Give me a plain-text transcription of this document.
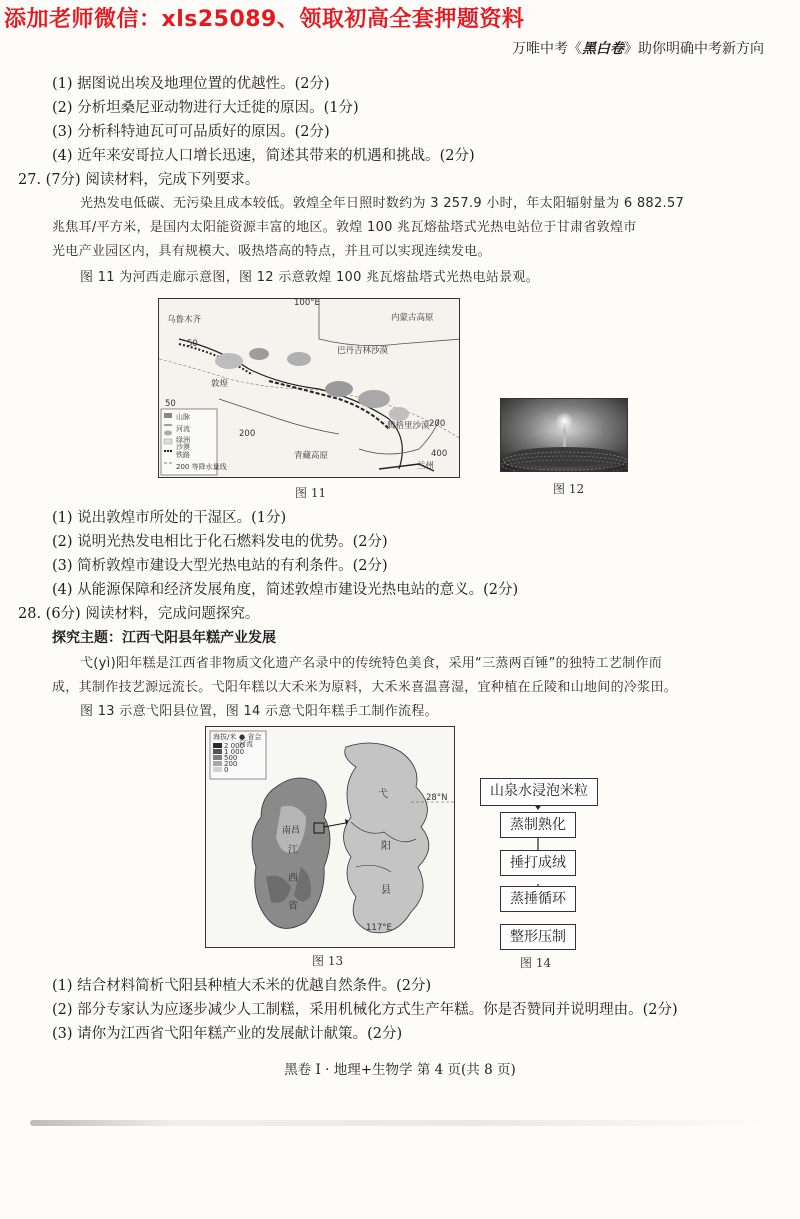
添加老师微信：xls25089、领取初高全套押题资料
万唯中考《黑白卷》助你明确中考新方向
(1) 据图说出埃及地理位置的优越性。(2分)
(2) 分析坦桑尼亚动物进行大迁徙的原因。(1分)
(3) 分析科特迪瓦可可品质好的原因。(2分)
(4) 近年来安哥拉人口增长迅速，简述其带来的机遇和挑战。(2分)
27. (7分) 阅读材料，完成下列要求。
光热发电低碳、无污染且成本较低。敦煌全年日照时数约为 3 257.9 小时，年太阳辐射量为 6 882.57
兆焦耳/平方米，是国内太阳能资源丰富的地区。敦煌 100 兆瓦熔盐塔式光热电站位于甘肃省敦煌市
光电产业园区内，具有规模大、吸热塔高的特点，并且可以实现连续发电。
图 11 为河西走廊示意图，图 12 示意敦煌 100 兆瓦熔盐塔式光热电站景观。
100°E
内蒙古高原
巴丹吉林沙漠
青藏高原
腾格里沙漠
乌鲁木齐
敦煌
兰州
50
50
200
200
400
山脉
河流
绿洲
沙漠
铁路
200 等降水量线
图 11	图 12
(1) 说出敦煌市所处的干湿区。(1分)
(2) 说明光热发电相比于化石燃料发电的优势。(2分)
(3) 简析敦煌市建设大型光热电站的有利条件。(2分)
(4) 从能源保障和经济发展角度，简述敦煌市建设光热电站的意义。(2分)
28. (6分) 阅读材料，完成问题探究。
探究主题：江西弋阳县年糕产业发展
弋(yì)阳年糕是江西省非物质文化遗产名录中的传统特色美食，采用“三蒸两百锤”的独特工艺制作而
成，其制作技艺源远流长。弋阳年糕以大禾米为原料，大禾米喜温喜湿，宜种植在丘陵和山地间的冷浆田。
图 13 示意弋阳县位置，图 14 示意弋阳年糕手工制作流程。
海拔/米 ● 省会
河流
2 000
1 000
500
200
0
南昌
江
西
省
弋
阳
县
28°N
117°E
图 13
山泉水浸泡米粒
蒸制熟化
捶打成绒
蒸捶循环
整形压制
图 14
(1) 结合材料简析弋阳县种植大禾米的优越自然条件。(2分)
(2) 部分专家认为应逐步减少人工制糕，采用机械化方式生产年糕。你是否赞同并说明理由。(2分)
(3) 请你为江西省弋阳年糕产业的发展献计献策。(2分)
黑卷 I · 地理+生物学 第 4 页(共 8 页)
